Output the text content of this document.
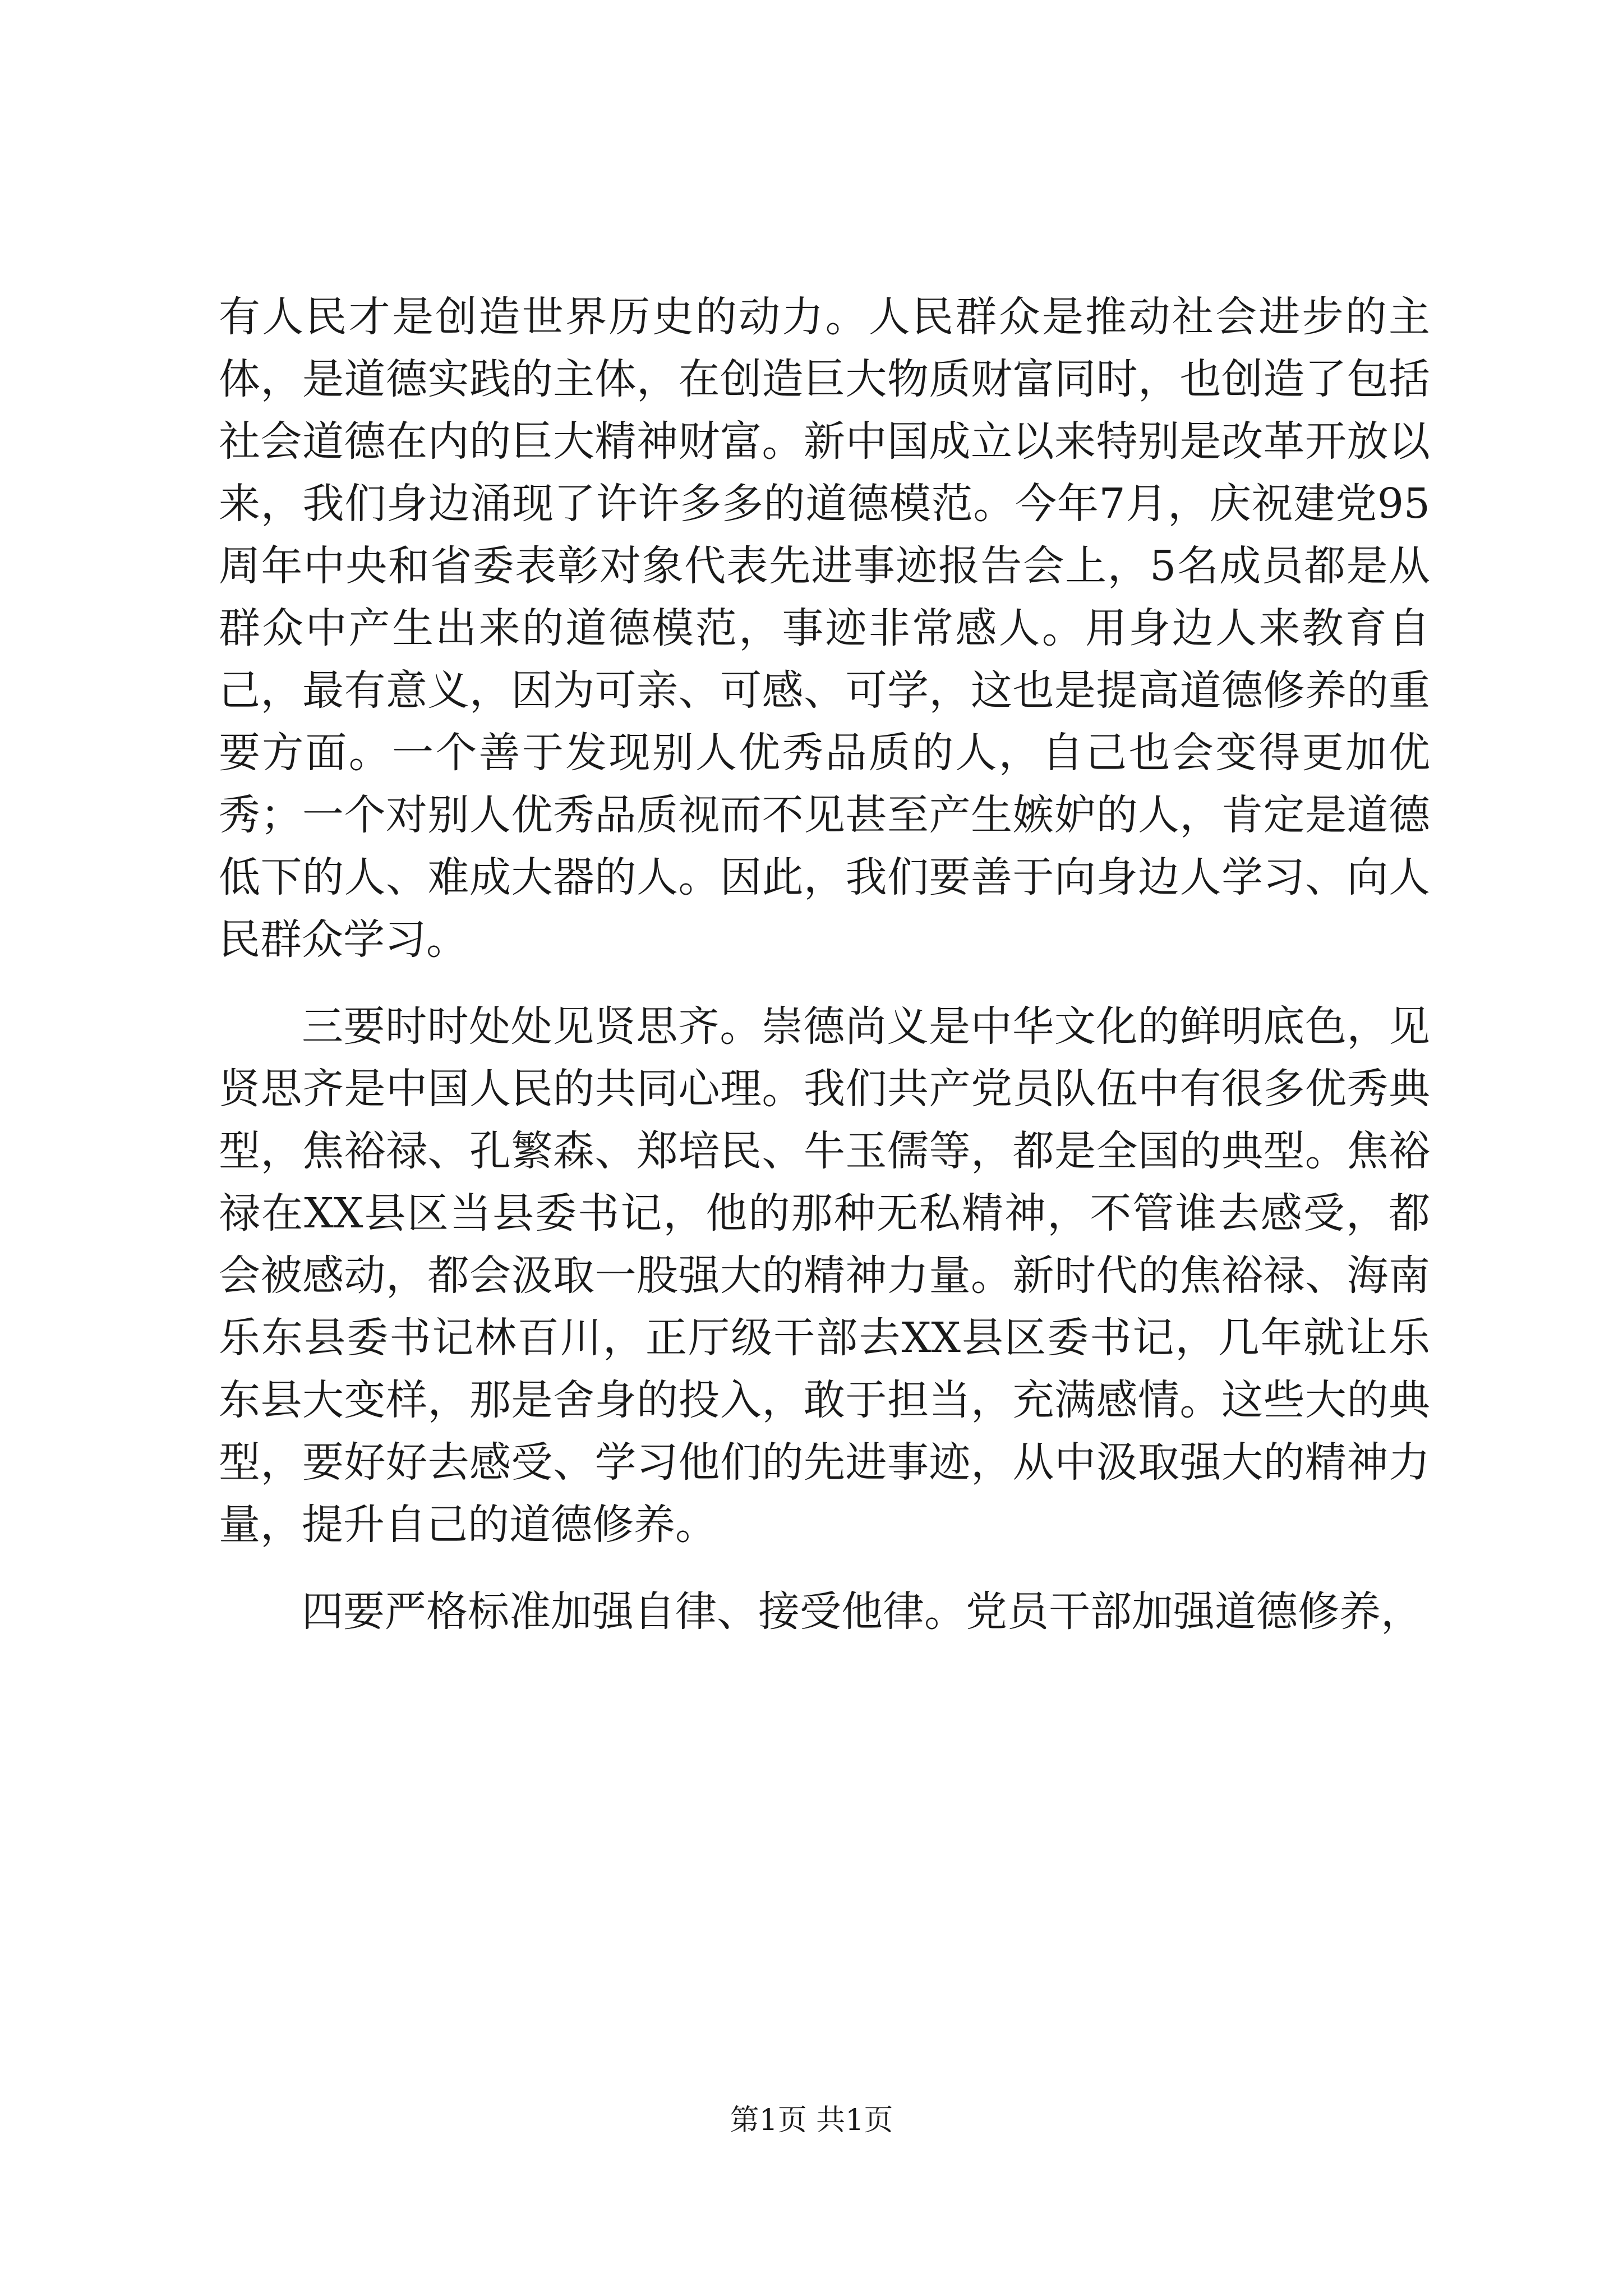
有人民才是创造世界历史的动力。人民群众是推动社会进步的主体，是道德实践的主体，在创造巨大物质财富同时，也创造了包括社会道德在内的巨大精神财富。新中国成立以来特别是改革开放以来，我们身边涌现了许许多多的道德模范。今年7月，庆祝建党95周年中央和省委表彰对象代表先进事迹报告会上，5名成员都是从群众中产生出来的道德模范，事迹非常感人。用身边人来教育自己，最有意义，因为可亲、可感、可学，这也是提高道德修养的重要方面。一个善于发现别人优秀品质的人，自己也会变得更加优秀；一个对别人优秀品质视而不见甚至产生嫉妒的人，肯定是道德低下的人、难成大器的人。因此，我们要善于向身边人学习、向人民群众学习。

三要时时处处见贤思齐。崇德尚义是中华文化的鲜明底色，见贤思齐是中国人民的共同心理。我们共产党员队伍中有很多优秀典型，焦裕禄、孔繁森、郑培民、牛玉儒等，都是全国的典型。焦裕禄在XX县区当县委书记，他的那种无私精神，不管谁去感受，都会被感动，都会汲取一股强大的精神力量。新时代的焦裕禄、海南乐东县委书记林百川，正厅级干部去XX县区委书记，几年就让乐东县大变样，那是舍身的投入，敢于担当，充满感情。这些大的典型，要好好去感受、学习他们的先进事迹，从中汲取强大的精神力量，提升自己的道德修养。

四要严格标准加强自律、接受他律。党员干部加强道德修养，

第1页 共1页
